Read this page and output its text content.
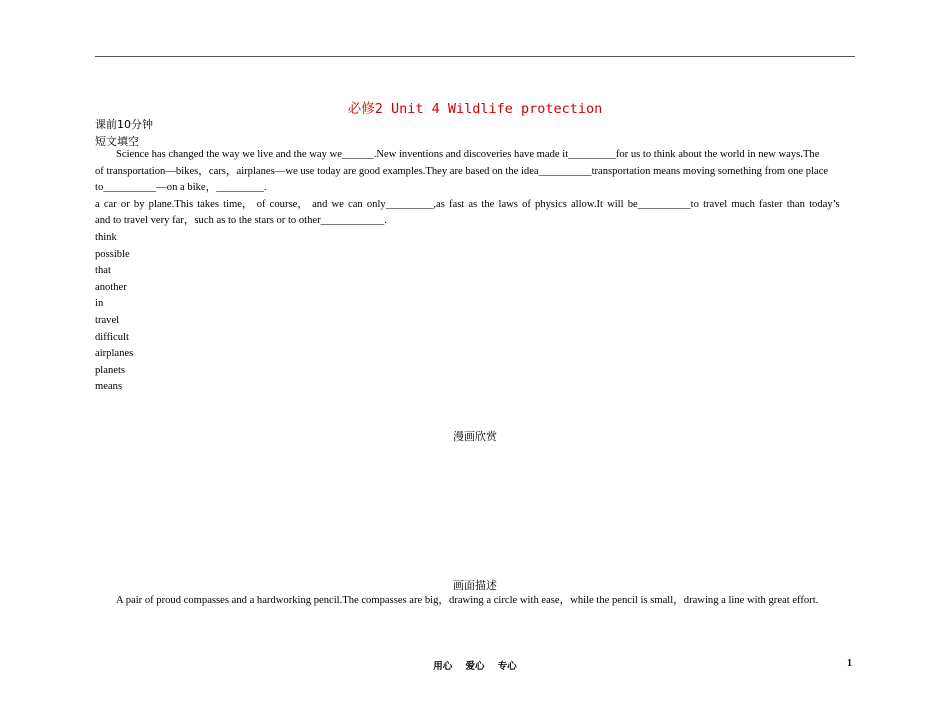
必修2 Unit 4 Wildlife protection
课前10分钟
短文填空
Science has changed the way we live and the way we______.New inventions and discoveries have made it_________for us to think about the world in new ways.The
of transportation—bikes，cars，airplanes—we use today are good examples.They are based on the idea__________transportation means moving something from one place
to__________—on a bike，_________.
a car or by plane.This takes time， of course， and we can only_________,as fast as the laws of physics allow.It will be__________to travel much faster than today’s
and to travel very far，such as to the stars or to other____________.
think
possible
that
another
in
travel
difficult
airplanes
planets
means
漫画欣赏
画面描述
A pair of proud compasses and a hardworking pencil.The compasses are big，drawing a circle with ease，while the pencil is small，drawing a line with great effort.
用心 爱心 专心	1
